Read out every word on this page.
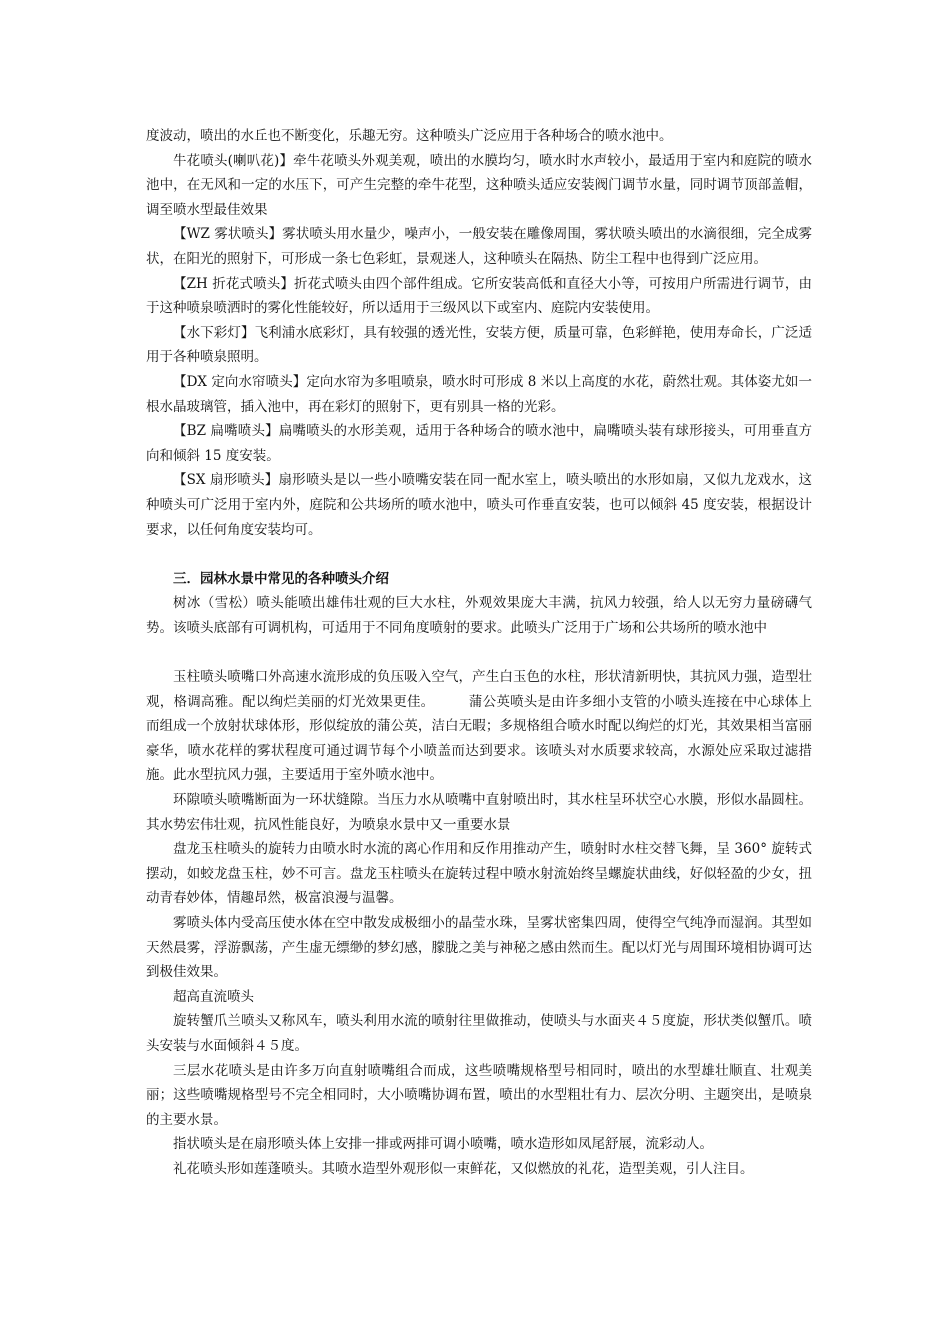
度波动，喷出的水丘也不断变化，乐趣无穷。这种喷头广泛应用于各种场合的喷水池中。

牛花喷头(喇叭花)】牵牛花喷头外观美观，喷出的水膜均匀，喷水时水声较小，最适用于室内和庭院的喷水池中，在无风和一定的水压下，可产生完整的牵牛花型，这种喷头适应安装阀门调节水量，同时调节顶部盖帽，调至喷水型最佳效果

【WZ 雾状喷头】雾状喷头用水量少，噪声小，一般安装在雕像周围，雾状喷头喷出的水滴很细，完全成雾状，在阳光的照射下，可形成一条七色彩虹，景观迷人，这种喷头在隔热、防尘工程中也得到广泛应用。

【ZH 折花式喷头】折花式喷头由四个部件组成。它所安装高低和直径大小等，可按用户所需进行调节，由于这种喷泉喷洒时的雾化性能较好，所以适用于三级风以下或室内、庭院内安装使用。

【水下彩灯】飞利浦水底彩灯，具有较强的透光性，安装方便，质量可靠，色彩鲜艳，使用寿命长，广泛适用于各种喷泉照明。

【DX 定向水帘喷头】定向水帘为多咀喷泉，喷水时可形成 8 米以上高度的水花，蔚然壮观。其体姿尤如一根水晶玻璃管，插入池中，再在彩灯的照射下，更有别具一格的光彩。

【BZ 扁嘴喷头】扁嘴喷头的水形美观，适用于各种场合的喷水池中，扁嘴喷头装有球形接头，可用垂直方向和倾斜 15 度安装。

【SX 扇形喷头】扇形喷头是以一些小喷嘴安装在同一配水室上，喷头喷出的水形如扇，又似九龙戏水，这种喷头可广泛用于室内外，庭院和公共场所的喷水池中，喷头可作垂直安装，也可以倾斜 45 度安装，根据设计要求，以任何角度安装均可。

三．园林水景中常见的各种喷头介绍

树冰（雪松）喷头能喷出雄伟壮观的巨大水柱，外观效果庞大丰满，抗风力较强，给人以无穷力量磅礴气势。该喷头底部有可调机构，可适用于不同角度喷射的要求。此喷头广泛用于广场和公共场所的喷水池中

玉柱喷头喷嘴口外高速水流形成的负压吸入空气，产生白玉色的水柱，形状清新明快，其抗风力强，造型壮观，格调高雅。配以绚烂美丽的灯光效果更佳。　　　蒲公英喷头是由许多细小支管的小喷头连接在中心球体上而组成一个放射状球体形，形似绽放的蒲公英，洁白无暇；多规格组合喷水时配以绚烂的灯光，其效果相当富丽豪华，喷水花样的雾状程度可通过调节每个小喷盖而达到要求。该喷头对水质要求较高，水源处应采取过滤措施。此水型抗风力强，主要适用于室外喷水池中。

环隙喷头喷嘴断面为一环状缝隙。当压力水从喷嘴中直射喷出时，其水柱呈环状空心水膜，形似水晶圆柱。其水势宏伟壮观，抗风性能良好，为喷泉水景中又一重要水景

盘龙玉柱喷头的旋转力由喷水时水流的离心作用和反作用推动产生，喷射时水柱交替飞舞，呈 360° 旋转式摆动，如蛟龙盘玉柱，妙不可言。盘龙玉柱喷头在旋转过程中喷水射流始终呈螺旋状曲线，好似轻盈的少女，扭动青春妙体，情趣昂然，极富浪漫与温馨。

雾喷头体内受高压使水体在空中散发成极细小的晶莹水珠，呈雾状密集四周，使得空气纯净而湿润。其型如天然晨雾，浮游飘荡，产生虚无缥缈的梦幻感，朦胧之美与神秘之感由然而生。配以灯光与周围环境相协调可达到极佳效果。

超高直流喷头

旋转蟹爪兰喷头又称风车，喷头利用水流的喷射往里做推动，使喷头与水面夹４５度旋，形状类似蟹爪。喷头安装与水面倾斜４５度。

三层水花喷头是由许多万向直射喷嘴组合而成，这些喷嘴规格型号相同时，喷出的水型雄壮顺直、壮观美丽；这些喷嘴规格型号不完全相同时，大小喷嘴协调布置，喷出的水型粗壮有力、层次分明、主题突出，是喷泉的主要水景。

指状喷头是在扇形喷头体上安排一排或两排可调小喷嘴，喷水造形如凤尾舒展，流彩动人。

礼花喷头形如莲蓬喷头。其喷水造型外观形似一束鲜花，又似燃放的礼花，造型美观，引人注目。
